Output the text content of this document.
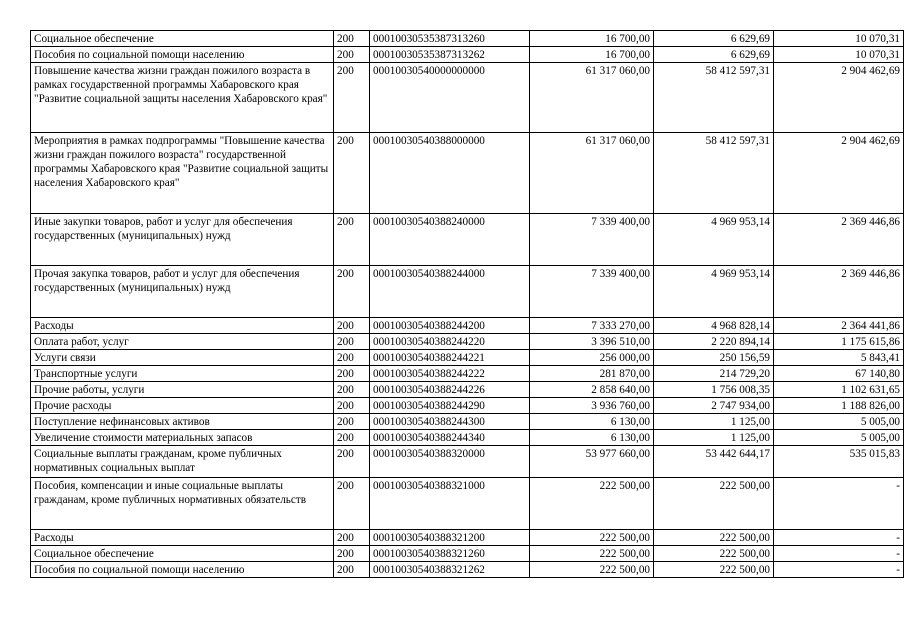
Социальное обеспечение	200	00010030535387313260	16 700,00	6 629,69	10 070,31
Пособия по социальной помощи населению	200	00010030535387313262	16 700,00	6 629,69	10 070,31
Повышение качества жизни граждан пожилого возраста в рамках государственной программы Хабаровского края "Развитие социальной защиты населения Хабаровского края"	200	00010030540000000000	61 317 060,00	58 412 597,31	2 904 462,69
Мероприятия в рамках подпрограммы "Повышение качества жизни граждан пожилого возраста" государственной программы Хабаровского края "Развитие социальной защиты населения Хабаровского края"	200	00010030540388000000	61 317 060,00	58 412 597,31	2 904 462,69
Иные закупки товаров, работ и услуг для обеспечения государственных (муниципальных) нужд	200	00010030540388240000	7 339 400,00	4 969 953,14	2 369 446,86
Прочая закупка товаров, работ и услуг для обеспечения государственных (муниципальных) нужд	200	00010030540388244000	7 339 400,00	4 969 953,14	2 369 446,86
Расходы	200	00010030540388244200	7 333 270,00	4 968 828,14	2 364 441,86
Оплата работ, услуг	200	00010030540388244220	3 396 510,00	2 220 894,14	1 175 615,86
Услуги связи	200	00010030540388244221	256 000,00	250 156,59	5 843,41
Транспортные услуги	200	00010030540388244222	281 870,00	214 729,20	67 140,80
Прочие работы, услуги	200	00010030540388244226	2 858 640,00	1 756 008,35	1 102 631,65
Прочие расходы	200	00010030540388244290	3 936 760,00	2 747 934,00	1 188 826,00
Поступление нефинансовых активов	200	00010030540388244300	6 130,00	1 125,00	5 005,00
Увеличение стоимости материальных запасов	200	00010030540388244340	6 130,00	1 125,00	5 005,00
Социальные выплаты гражданам, кроме публичных нормативных социальных выплат	200	00010030540388320000	53 977 660,00	53 442 644,17	535 015,83
Пособия, компенсации и иные социальные выплаты гражданам, кроме публичных нормативных обязательств	200	00010030540388321000	222 500,00	222 500,00	-
Расходы	200	00010030540388321200	222 500,00	222 500,00	-
Социальное обеспечение	200	00010030540388321260	222 500,00	222 500,00	-
Пособия по социальной помощи населению	200	00010030540388321262	222 500,00	222 500,00	-
